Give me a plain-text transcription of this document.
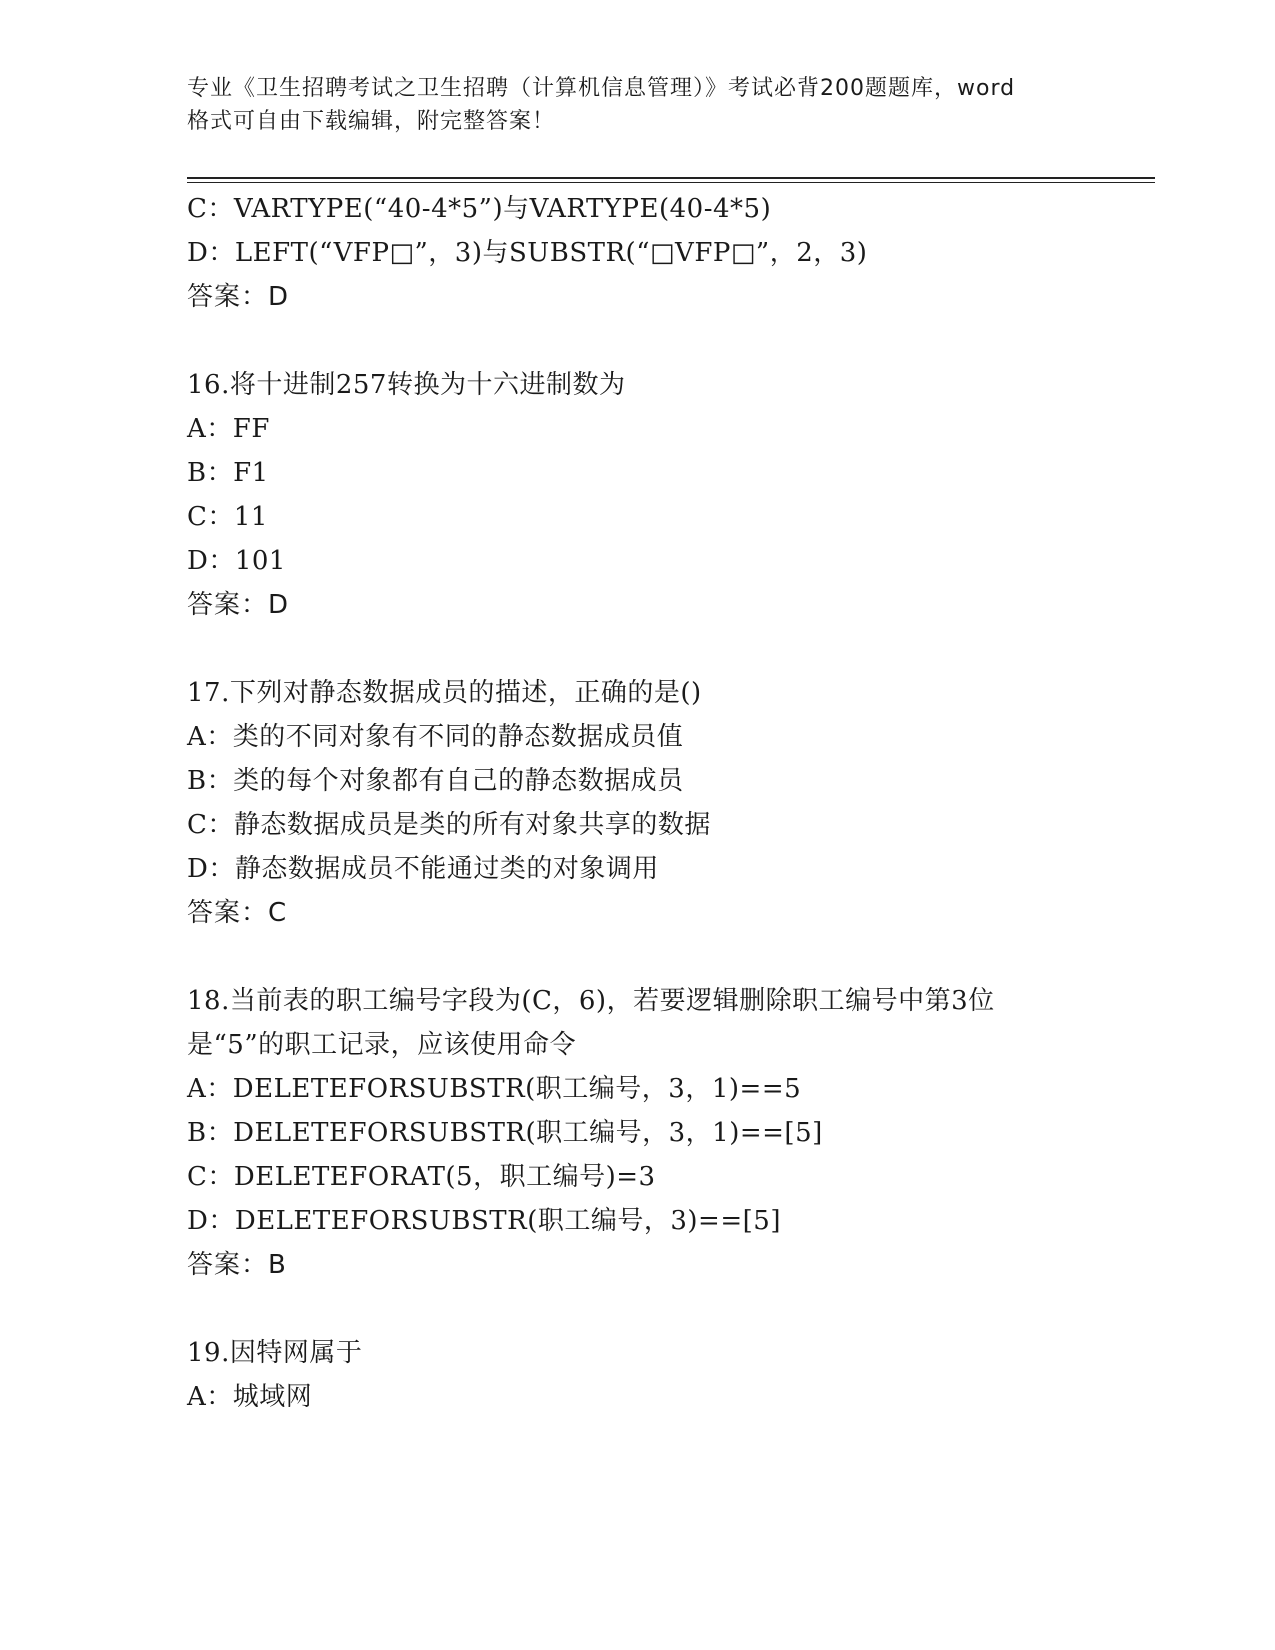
专业《卫生招聘考试之卫生招聘（计算机信息管理）》考试必背200题题库，word
格式可自由下载编辑，附完整答案！
C：VARTYPE(“40-4*5”)与VARTYPE(40-4*5)
D：LEFT(“VFP□”，3)与SUBSTR(“□VFP□”，2，3)
答案：D
16.将十进制257转换为十六进制数为
A：FF
B：F1
C：11
D：101
答案：D
17.下列对静态数据成员的描述，正确的是()
A：类的不同对象有不同的静态数据成员值
B：类的每个对象都有自己的静态数据成员
C：静态数据成员是类的所有对象共享的数据
D：静态数据成员不能通过类的对象调用
答案：C
18.当前表的职工编号字段为(C，6)，若要逻辑删除职工编号中第3位
是“5”的职工记录，应该使用命令
A：DELETEFORSUBSTR(职工编号，3，1)==5
B：DELETEFORSUBSTR(职工编号，3，1)==[5]
C：DELETEFORAT(5，职工编号)=3
D：DELETEFORSUBSTR(职工编号，3)==[5]
答案：B
19.因特网属于
A：城域网
